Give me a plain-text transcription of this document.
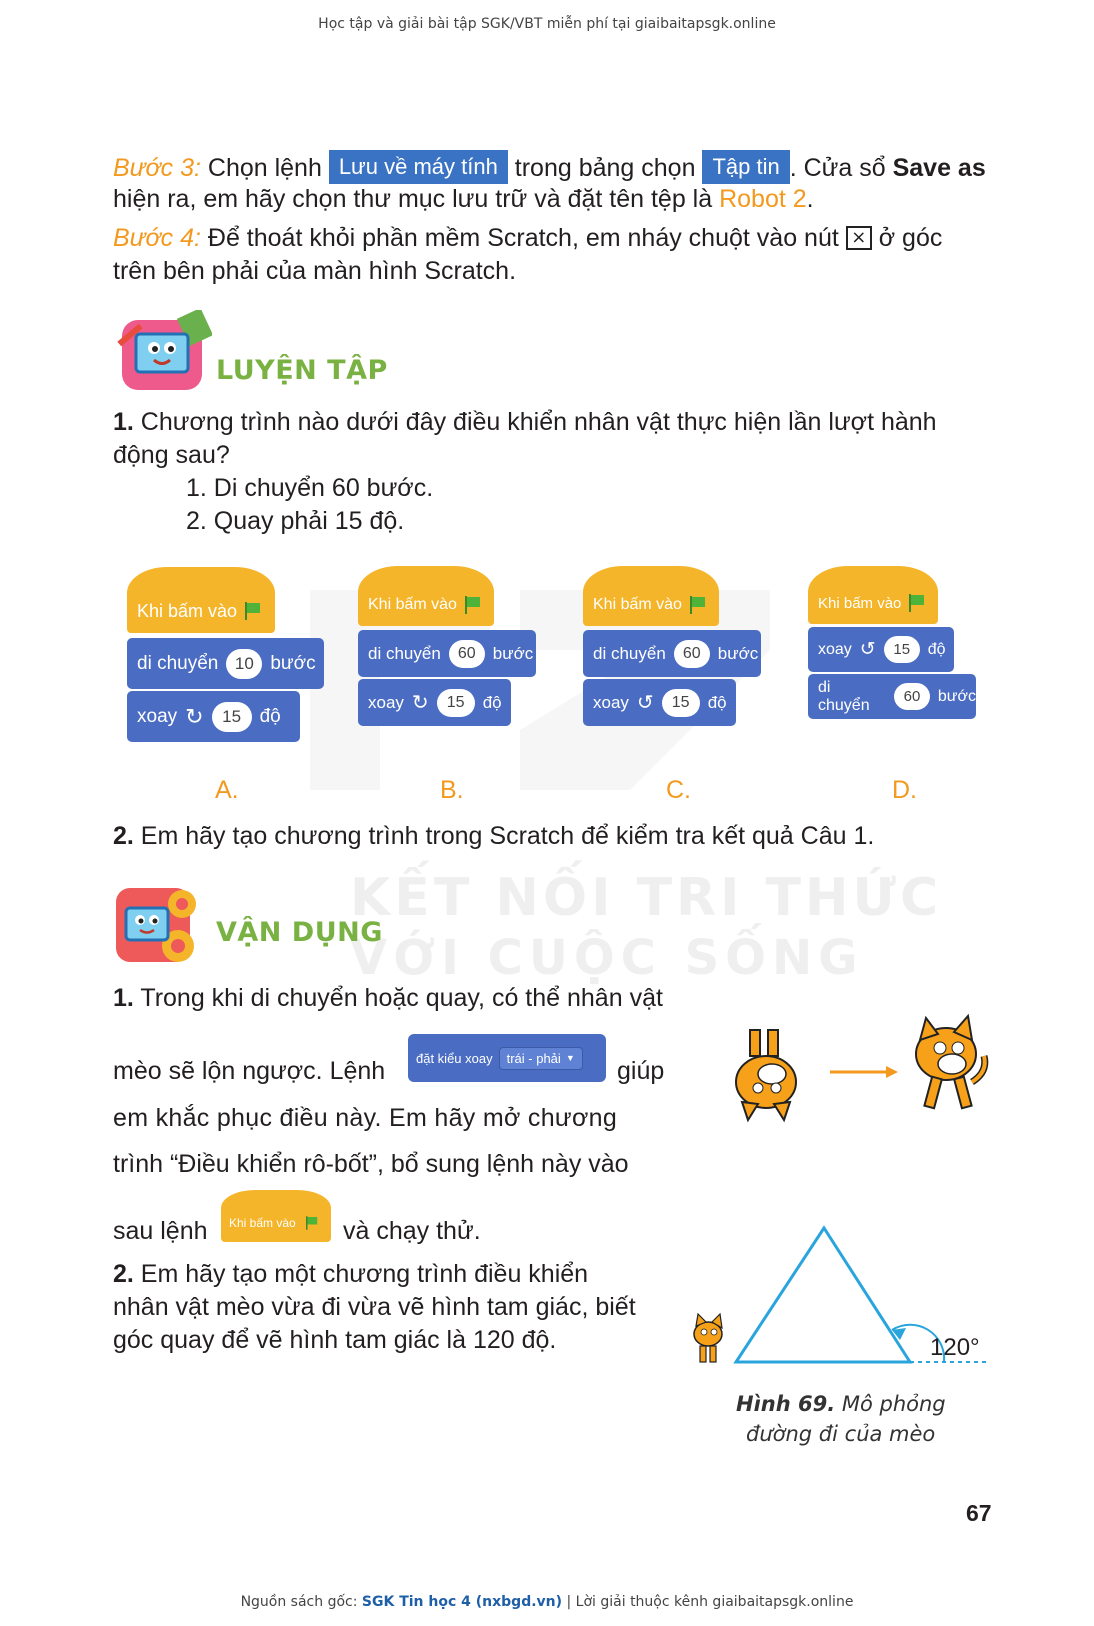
Học tập và giải bài tập SGK/VBT miễn phí tại giaibaitapsgk.online
KẾT NỐI TRI THỨC
VỚI CUỘC SỐNG
Bước 3: Chọn lệnh Lưu về máy tính trong bảng chọn Tập tin . Cửa sổ Save as
hiện ra, em hãy chọn thư mục lưu trữ và đặt tên tệp là Robot 2.
Bước 4: Để thoát khỏi phần mềm Scratch, em nháy chuột vào nút × ở góc
trên bên phải của màn hình Scratch.
LUYỆN TẬP
1. Chương trình nào dưới đây điều khiển nhân vật thực hiện lần lượt hành
động sau?
1. Di chuyển 60 bước.
2. Quay phải 15 độ.
Khi bấm vào
di chuyển 10 bước
xoay ↻	15 độ
A.
Khi bấm vào
di chuyển	60	bước
xoay ↻	15	độ
B.
Khi bấm vào
di chuyển	60	bước
xoay ↺	15	độ
C.
Khi bấm vào
xoay ↺	15	độ
di chuyển	60	bước
D.
2. Em hãy tạo chương trình trong Scratch để kiểm tra kết quả Câu 1.
VẬN DỤNG
1. Trong khi di chuyển hoặc quay, có thể nhân vật
mèo sẽ lộn ngược. Lệnh	đặt kiểu xoay trái - phải ▼ giúp
em khắc phục điều này. Em hãy mở chương
trình “Điều khiển rô-bốt”, bổ sung lệnh này vào
sau lệnh	Khi bấm vào và chạy thử.
2. Em hãy tạo một chương trình điều khiển
nhân vật mèo vừa đi vừa vẽ hình tam giác, biết
góc quay để vẽ hình tam giác là 120 độ.	120°
Hình 69. Mô phỏng
đường đi của mèo
67
Nguồn sách gốc: SGK Tin học 4 (nxbgd.vn) | Lời giải thuộc kênh giaibaitapsgk.online
